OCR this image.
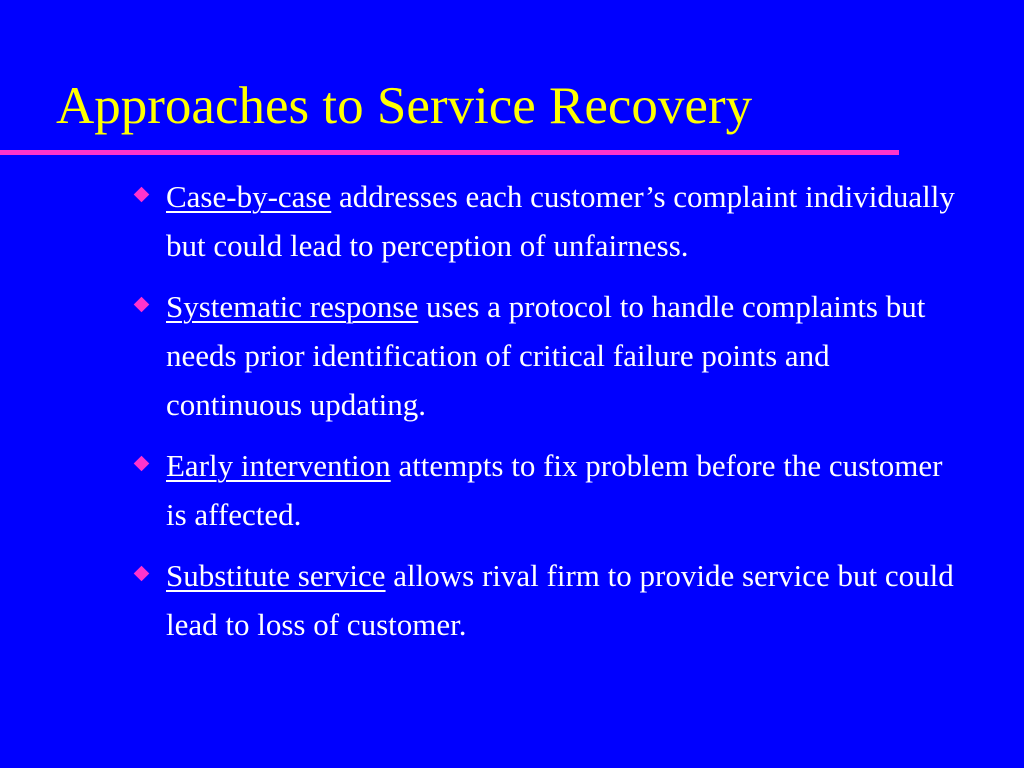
Approaches to Service Recovery
Case-by-case addresses each customer’s complaint individually but could lead to perception of unfairness.
Systematic response uses a protocol to handle complaints but needs prior identification of critical failure points and continuous updating.
Early intervention attempts to fix problem before the customer is affected.
Substitute service allows rival firm to provide service but could lead to loss of customer.
